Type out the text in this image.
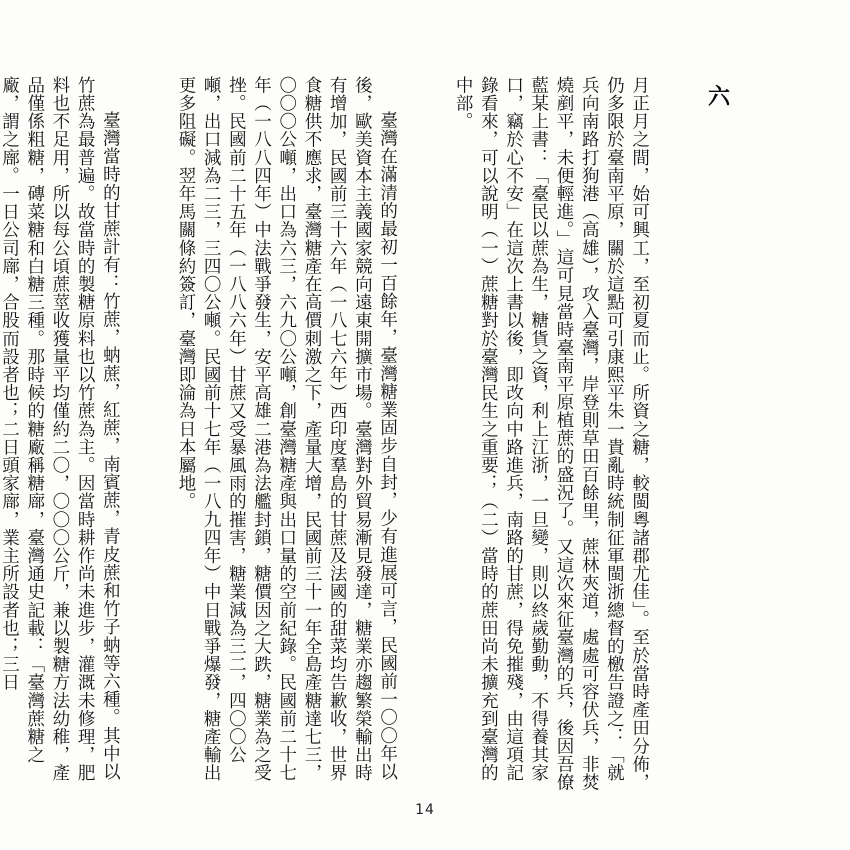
六

月正月之間，始可興工，至初夏而止。所資之糖，較閩粵諸郡尤佳」。至於當時產田分佈，仍多限於臺南平原，關於這點可引康熙平朱一貴亂時統制征軍閩浙總督的檄告證之：「就兵向南路打狗港（高雄），攻入臺灣，岸登則草田百餘里，蔗林夾道，處處可容伏兵，非焚燒剷平，未便輕進。」這可見當時臺南平原植蔗的盛況了。又這次來征臺灣的兵，後因吾僚藍某上書：「臺民以蔗為生，糖貨之資，利上江浙，一旦變，則以終歲勤動，不得養其家口，竊於心不安」在這次上書以後，即改向中路進兵，南路的甘蔗，得免摧殘，由這項記錄看來，可以說明（一）蔗糖對於臺灣民生之重要；（二）當時的蔗田尚未擴充到臺灣的中部。

臺灣在滿清的最初一百餘年，臺灣糖業固步自封，少有進展可言，民國前一〇〇年以後，歐美資本主義國家競向遠東開擴市場。臺灣對外貿易漸見發達，糖業亦趨繁榮輸出時有增加，民國前三十六年（一八七六年）西印度羣島的甘蔗及法國的甜菜均告歉收，世界食糖供不應求，臺灣糖產在高價刺激之下，產量大增，民國前三十一年全島產糖達七三，〇〇〇公噸，出口為六三，六九〇公噸，創臺灣糖產與出口量的空前紀錄。民國前二十七年（一八八四年）中法戰爭發生，安平高雄二港為法艦封鎖，糖價因之大跌，糖業為之受挫。民國前二十五年（一八八六年）甘蔗又受暴風雨的摧害，糖業減為三二，四〇〇公噸，出口減為二三，三四〇公噸。民國前十七年（一八九四年）中日戰爭爆發，糖產輸出更多阻礙。翌年馬關條約簽訂，臺灣即淪為日本屬地。

臺灣當時的甘蔗計有：竹蔗，蚋蔗，紅蔗，南賓蔗，青皮蔗和竹子蚋等六種。其中以竹蔗為最普遍。故當時的製糖原料也以竹蔗為主。因當時耕作尚未進步，灌溉未修理，肥料也不足用，所以每公頃蔗莖收獲量平均僅約二〇，〇〇〇公斤，兼以製糖方法幼稚，產品僅係粗糖，磚菜糖和白糖三種。那時候的糖廠稱糖廍，臺灣通史記載：「臺灣蔗糖之廠，謂之廍。一日公司廍，合股而設者也；二日頭家廍，業主所設者也；三日

14
